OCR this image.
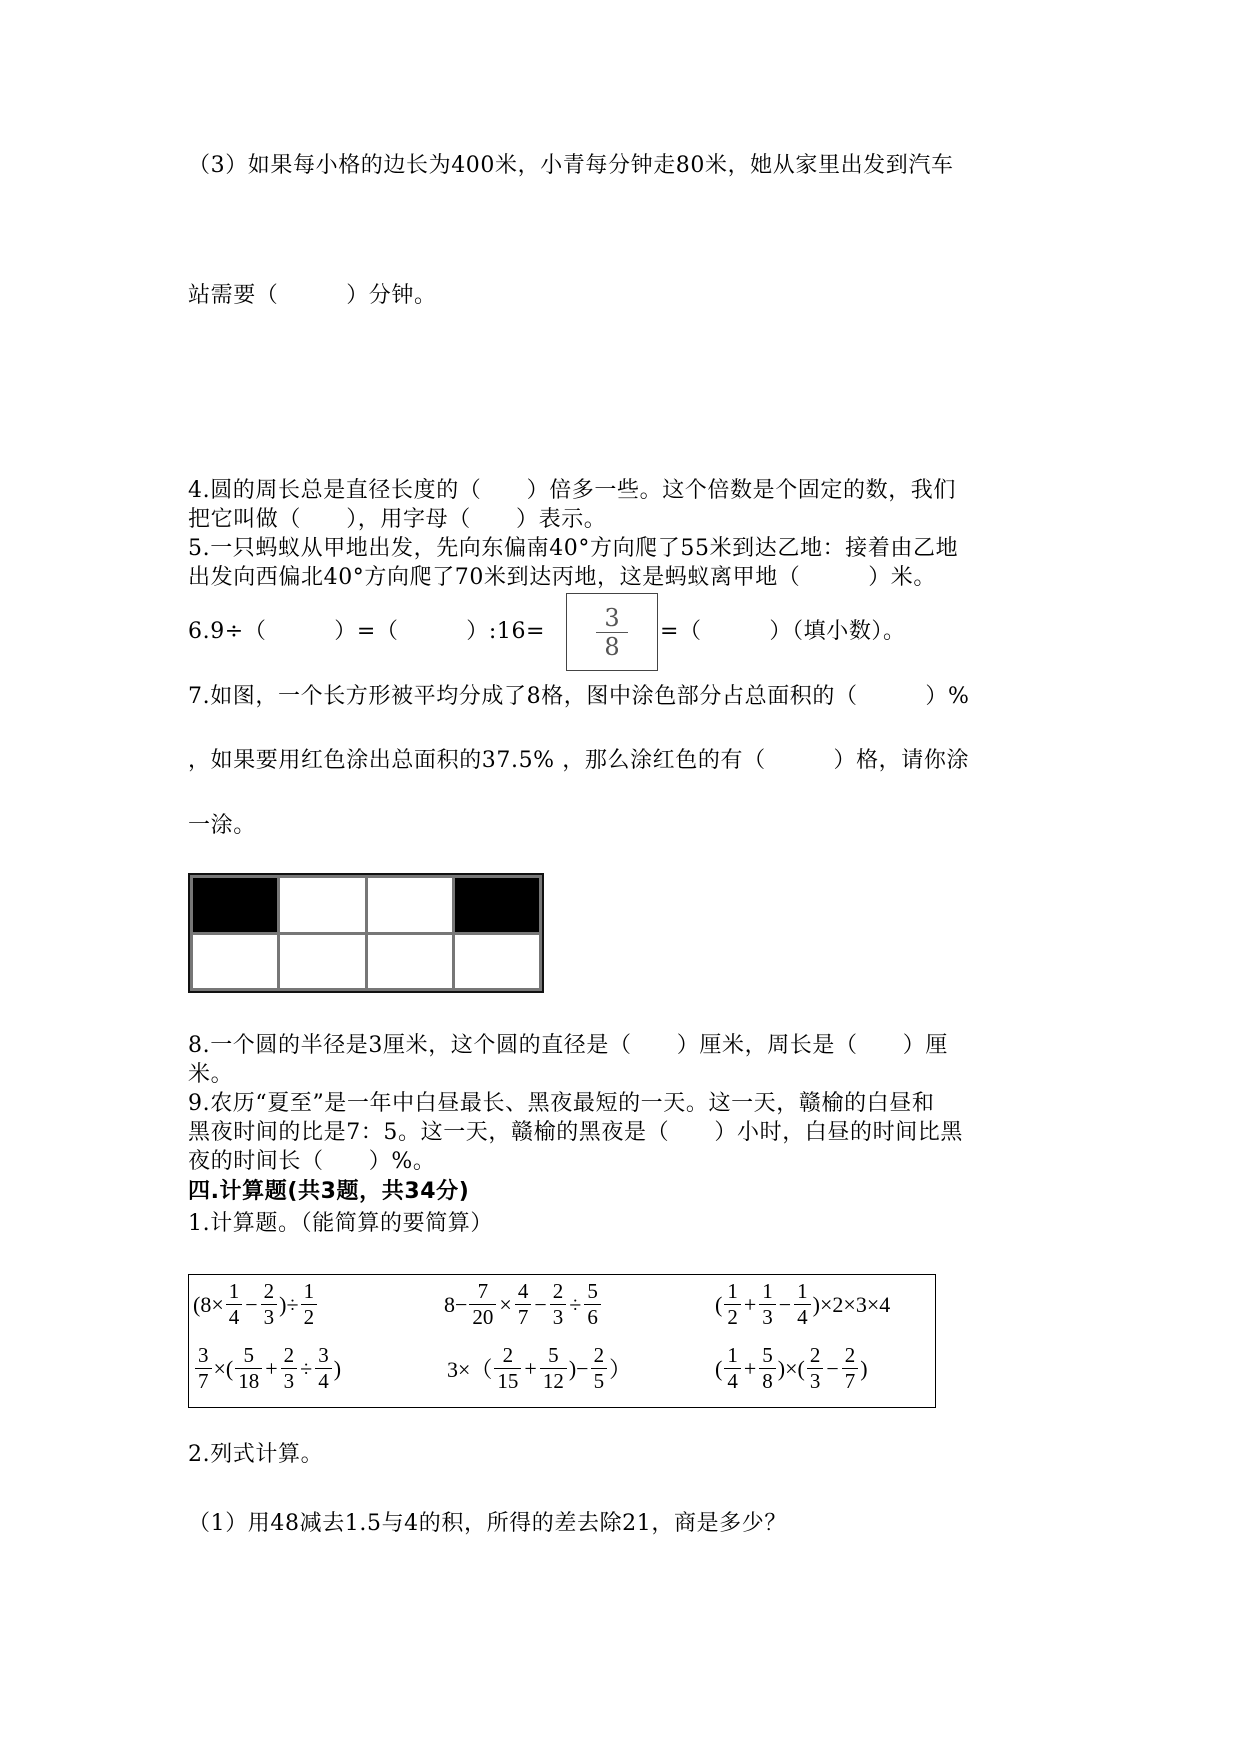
（3）如果每小格的边长为400米，小青每分钟走80米，她从家里出发到汽车
站需要（　　　）分钟。
4.圆的周长总是直径长度的（　　）倍多一些。这个倍数是个固定的数，我们
把它叫做（　　），用字母（　　）表示。
5.一只蚂蚁从甲地出发，先向东偏南40°方向爬了55米到达乙地：接着由乙地
出发向西偏北40°方向爬了70米到达丙地，这是蚂蚁离甲地（　　　）米。
6.9÷（　　　）=（　　　）:16= $\frac{3}{8}$ =（　　　）（填小数）。
7.如图，一个长方形被平均分成了8格，图中涂色部分占总面积的（　　　）%
，如果要用红色涂出总面积的37.5% ，那么涂红色的有（　　　）格，请你涂
一涂。
8.一个圆的半径是3厘米，这个圆的直径是（　　）厘米，周长是（　　）厘
米。
9.农历“夏至”是一年中白昼最长、黑夜最短的一天。这一天，赣榆的白昼和
黑夜时间的比是7：5。这一天，赣榆的黑夜是（　　）小时，白昼的时间比黑
夜的时间长（　　）%。
四.计算题(共3题，共34分)
1.计算题。（能简算的要简算）
($8\times \frac{1}{4} - \frac{2}{3}$ )÷ $\frac{1}{2}$	$8- \frac{7}{20} \times \frac{4}{7} - \frac{2}{3} \div \frac{5}{6}$	( $\frac{1}{2} + \frac{1}{3} - \frac{1}{4} )\times 2\times 3\times 4$
$\frac{3}{7}$ ×( $\frac{5}{18} + \frac{2}{3} \div \frac{3}{4}$ )	$3\times( \frac{2}{15} + \frac{5}{12}$ )− $\frac{2}{5}$ ）	( $\frac{1}{4} + \frac{5}{8}$ )×( $\frac{2}{3} - \frac{2}{7}$ )
2.列式计算。
（1）用48减去1.5与4的积，所得的差去除21，商是多少？
